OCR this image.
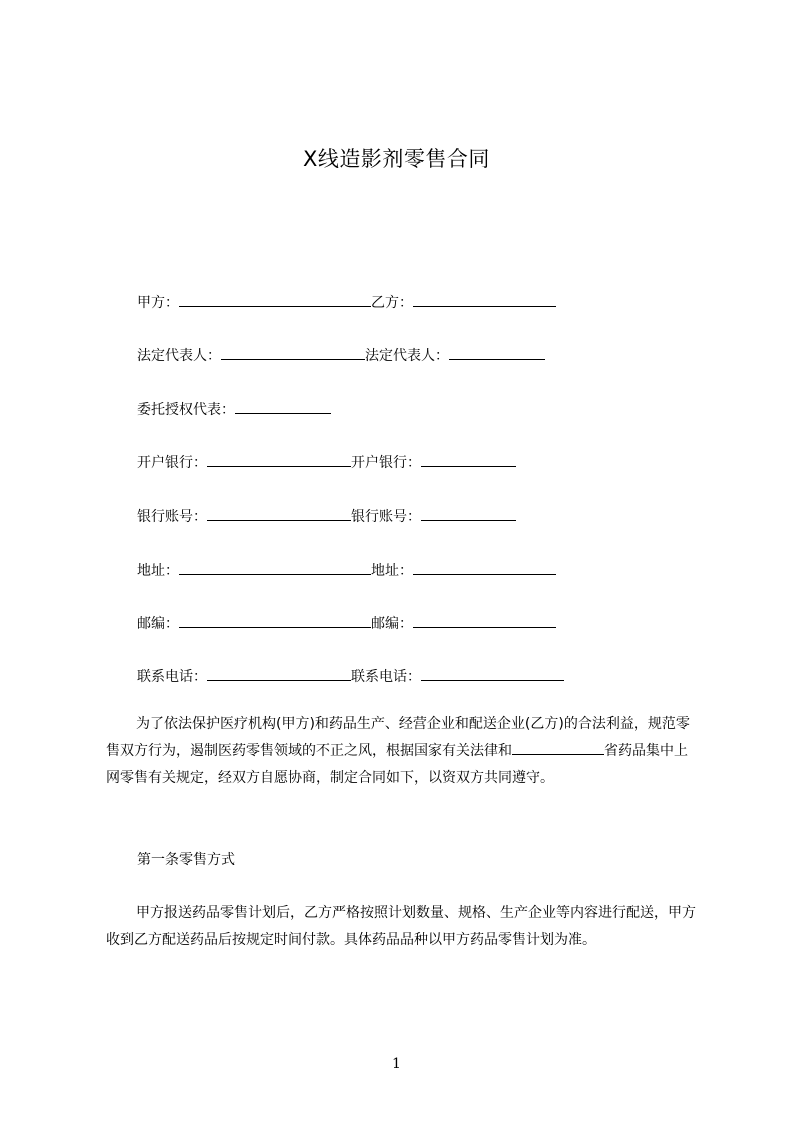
X线造影剂零售合同
甲方：	乙方：
法定代表人：	法定代表人：
委托授权代表：
开户银行：	开户银行：
银行账号：	银行账号：
地址：	地址：
邮编：	邮编：
联系电话：	联系电话：
为了依法保护医疗机构(甲方)和药品生产、经营企业和配送企业(乙方)的合法利益，规范零售双方行为，遏制医药零售领域的不正之风，根据国家有关法律和	省药品集中上网零售有关规定，经双方自愿协商，制定合同如下，以资双方共同遵守。
第一条零售方式
甲方报送药品零售计划后，乙方严格按照计划数量、规格、生产企业等内容进行配送，甲方收到乙方配送药品后按规定时间付款。具体药品品种以甲方药品零售计划为准。
1
